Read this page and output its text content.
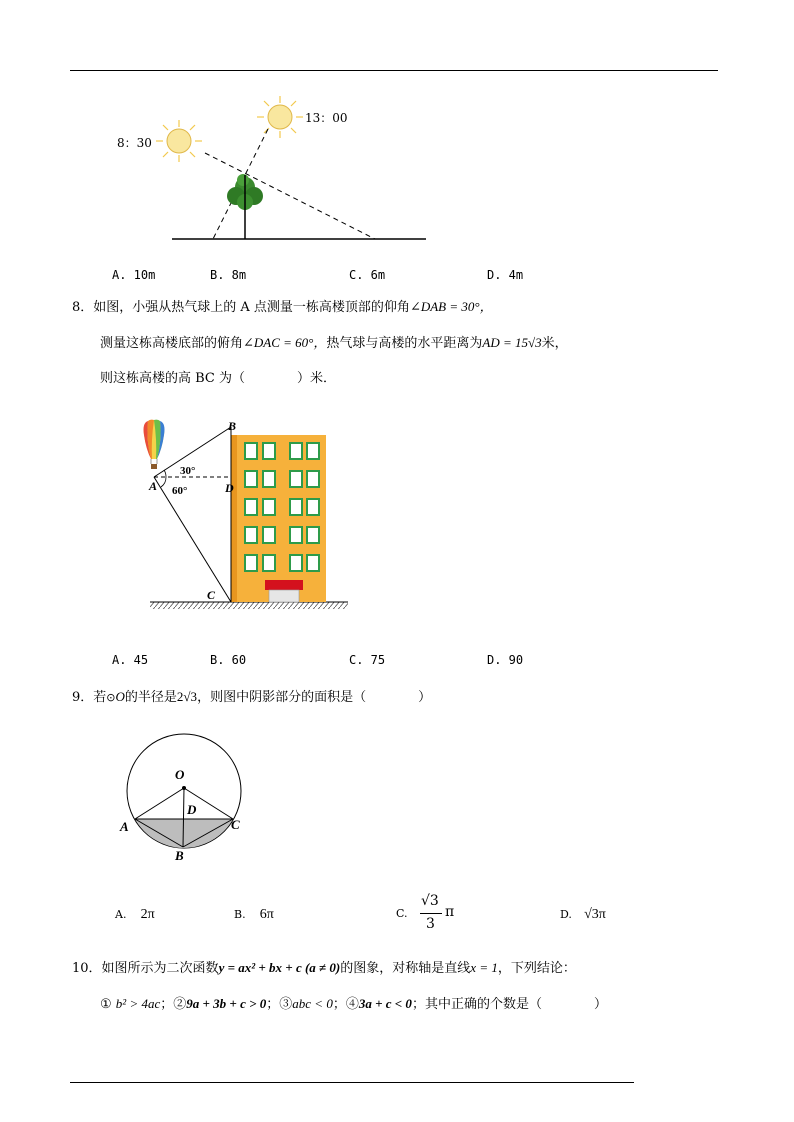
8：30
13：00
A. 10m	B. 8m	C. 6m	D. 4m
8．如图，小强从热气球上的 A 点测量一栋高楼顶部的仰角∠DAB = 30°，
测量这栋高楼底部的俯角∠DAC = 60°，热气球与高楼的水平距离为AD = 15√3米，
则这栋高楼的高 BC 为（　　　　）米．
B
A	D
C
30°
60°
A. 45	B. 60	C. 75	D. 90
9．若⊙O的半径是2√3，则图中阴影部分的面积是（　　　　）
O
D
A	C
B
A. 2π	B. 6π	C.
√3
3
π	D. √3π
10．如图所示为二次函数y = ax² + bx + c (a ≠ 0)的图象，对称轴是直线x = 1，下列结论：
① b² > 4ac；②9a + 3b + c > 0；③abc < 0；④3a + c < 0；其中正确的个数是（　　　　）
